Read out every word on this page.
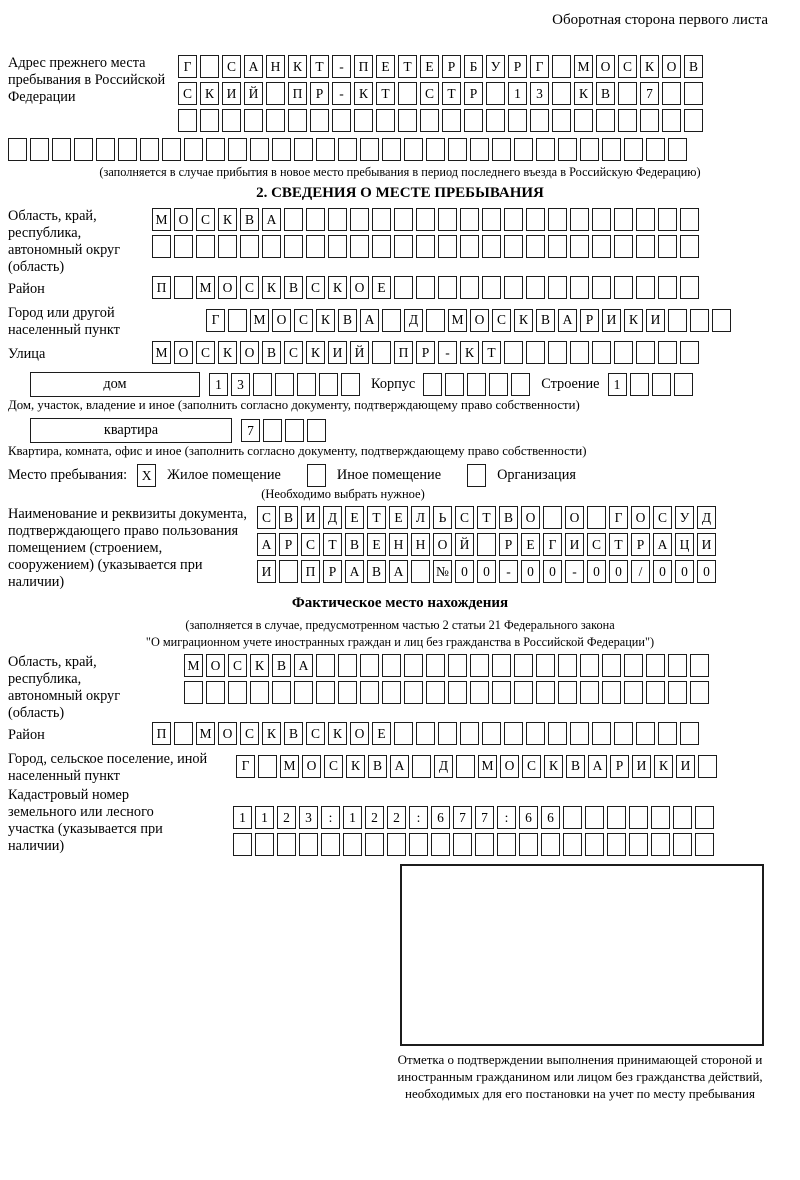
Оборотная сторона первого листа
Адрес прежнего места пребывания в Российской Федерации
Г	С А Н К Т	-	П Е	Т	Е	Р	Б У Р	Г	М О С К О В
С К И Й	П Р	-	К Т	С Т	Р	1	3	К В	7
(заполняется в случае прибытия в новое место пребывания в период последнего въезда в Российскую Федерацию)
2. СВЕДЕНИЯ О МЕСТЕ ПРЕБЫВАНИЯ
Область, край, республика, автономный округ (область)
М О С К В А
Район	П	М О С К В С К О Е
Город или другой населенный пункт
Г	М О С К В А	Д	М О С К В А Р И К И
Улица	М О С К О В С К И Й	П Р	-	К Т
дом	1	3	Корпус	Строение	1
Дом, участок, владение и иное (заполнить согласно документу, подтверждающему право собственности)
квартира	7
Квартира, комната, офис и иное (заполнить согласно документу, подтверждающему право собственности)
Место пребывания:	X	Жилое помещение	Иное помещение	Организация
(Необходимо выбрать нужное)
Наименование и реквизиты документа, подтверждающего право пользования помещением (строением, сооружением) (указывается при наличии)
С В И Д Е	Т	Е Л	Ь	С Т В О	О	Г О С У Д
А Р	С Т В Е Н Н О Й	Р	Е	Г И С Т	Р А Ц И
И	П Р А В А	№ 0	0	-	0	0	-	0	0	/	0	0	0
Фактическое место нахождения
(заполняется в случае, предусмотренном частью 2 статьи 21 Федерального закона
"О миграционном учете иностранных граждан и лиц без гражданства в Российской Федерации")
Область, край, республика, автономный округ (область)
М О С К В А
Район	П	М О С К В С К О Е
Город, сельское поселение, иной населенный пункт
Г	М О С К В А	Д	М О С К В А Р И К И
Кадастровый номер земельного или лесного участка (указывается при наличии)
1	1	2	3	:	1	2	2	:	6	7	7	:	6	6
Отметка о подтверждении выполнения принимающей стороной и иностранным гражданином или лицом без гражданства действий, необходимых для его постановки на учет по месту пребывания
